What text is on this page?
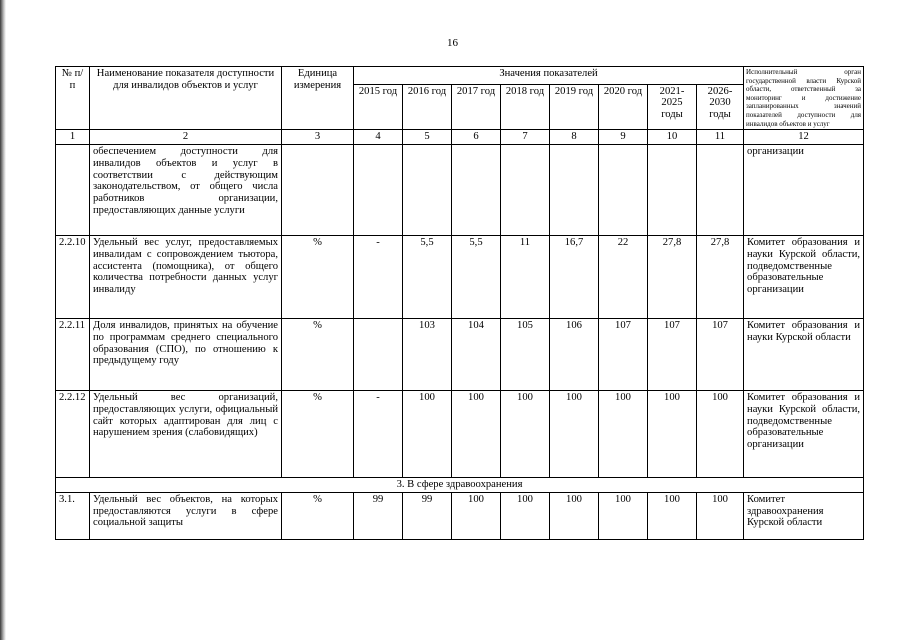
16
№ п/п	Наименование показателя доступности для инвалидов объектов и услуг	Единица измерения	Значения показателей								Исполнительный орган государственной власти Курской области, ответственный за мониторинг и достижение запланированных значений показателей доступности для инвалидов объектов и услуг
			2015 год	2016 год	2017 год	2018 год	2019 год	2020 год	2021-2025 годы	2026-2030 годы	
1	2	3	4	5	6	7	8	9	10	11	12
	обеспечением доступности для инвалидов объектов и услуг в соответствии с действующим законодательством, от общего числа работников организации, предоставляющих данные услуги										организации
2.2.10	Удельный вес услуг, предоставляемых инвалидам с сопровождением тьютора, ассистента (помощника), от общего количества потребности данных услуг инвалиду	%	-	5,5	5,5	11	16,7	22	27,8	27,8	Комитет образования и науки Курской области, подведомственные образовательные организации
2.2.11	Доля инвалидов, принятых на обучение по программам среднего специального образования (СПО), по отношению к предыдущему году	%		103	104	105	106	107	107	107	Комитет образования и науки Курской области
2.2.12	Удельный вес организаций, предоставляющих услуги, официальный сайт которых адаптирован для лиц с нарушением зрения (слабовидящих)	%	-	100	100	100	100	100	100	100	Комитет образования и науки Курской области, подведомственные образовательные организации
3. В сфере здравоохранения											
3.1.	Удельный вес объектов, на которых предоставляются услуги в сфере социальной защиты	%	99	99	100	100	100	100	100	100	Комитет здравоохранения Курской области
